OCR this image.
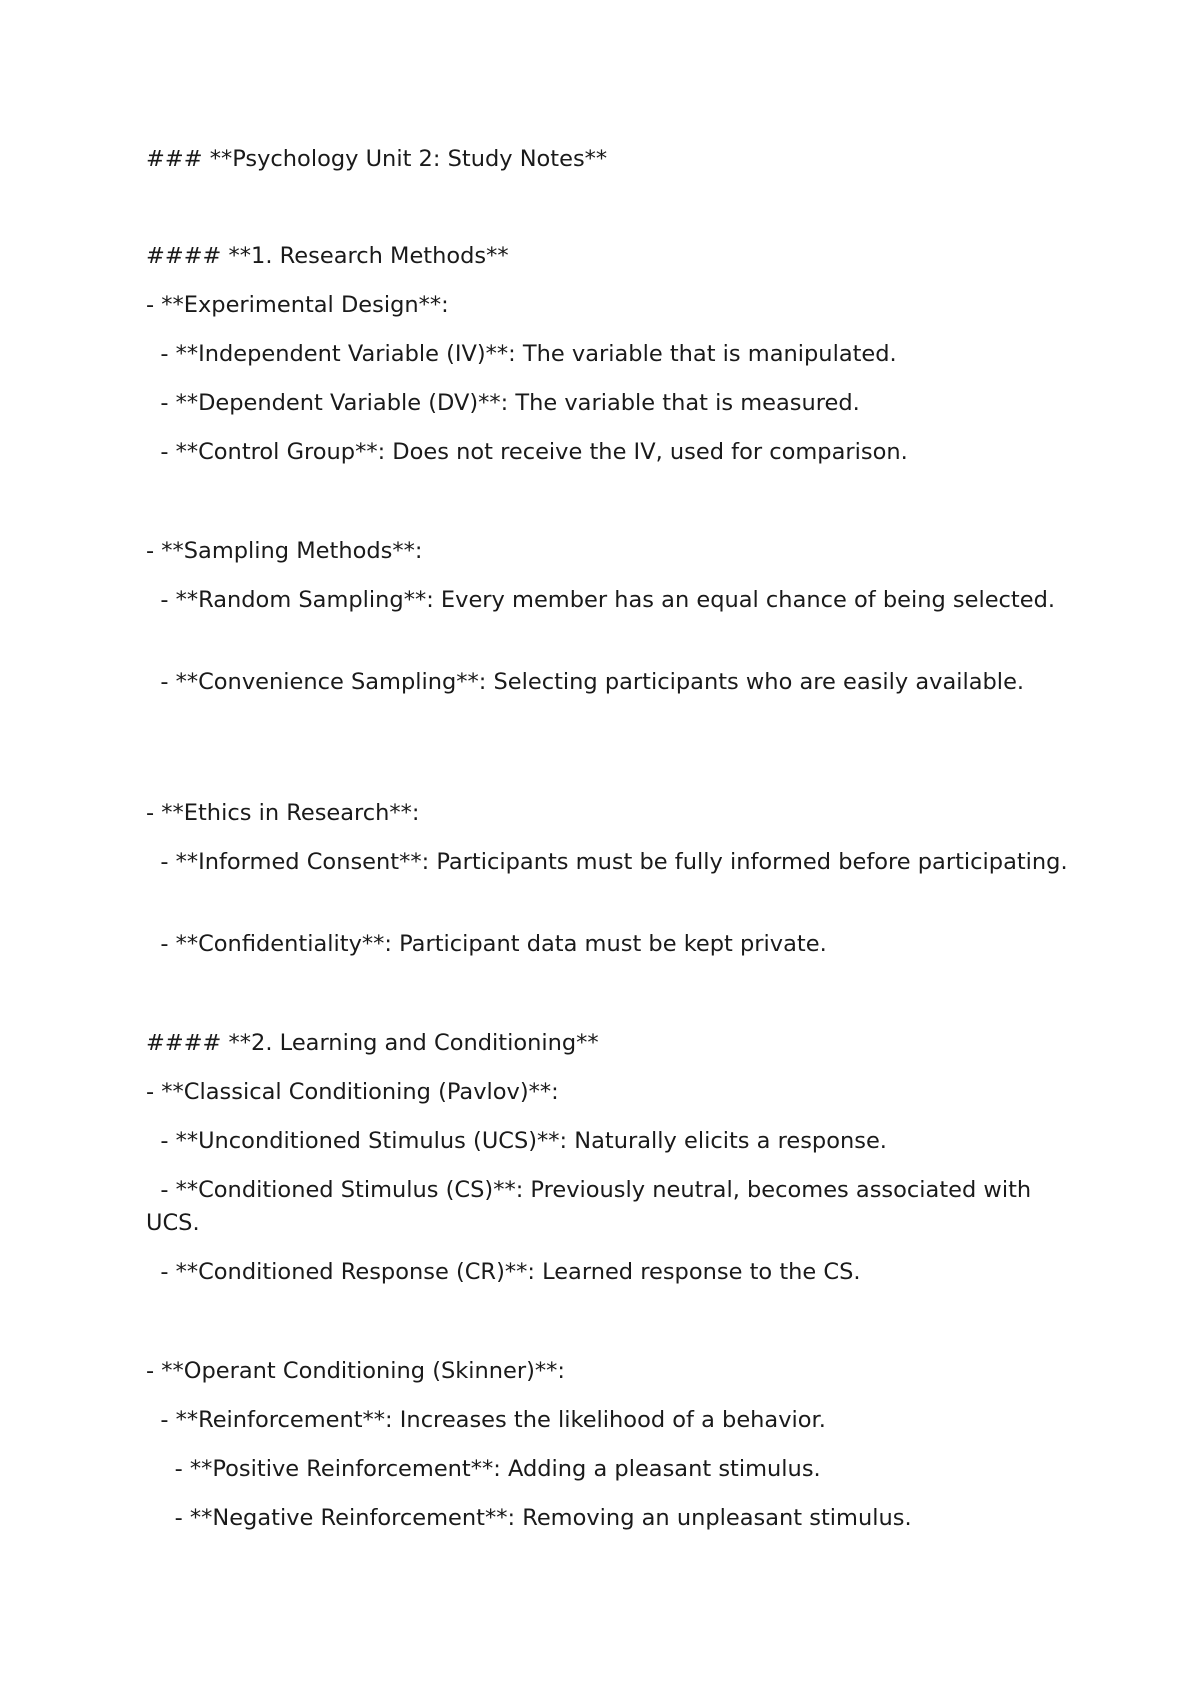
### **Psychology Unit 2: Study Notes**

#### **1. Research Methods**

- **Experimental Design**:

- **Independent Variable (IV)**: The variable that is manipulated.

- **Dependent Variable (DV)**: The variable that is measured.

- **Control Group**: Does not receive the IV, used for comparison.

- **Sampling Methods**:

- **Random Sampling**: Every member has an equal chance of being selected.

- **Convenience Sampling**: Selecting participants who are easily available.

- **Ethics in Research**:

- **Informed Consent**: Participants must be fully informed before participating.

- **Confidentiality**: Participant data must be kept private.

#### **2. Learning and Conditioning**

- **Classical Conditioning (Pavlov)**:

- **Unconditioned Stimulus (UCS)**: Naturally elicits a response.

- **Conditioned Stimulus (CS)**: Previously neutral, becomes associated with UCS.

- **Conditioned Response (CR)**: Learned response to the CS.

- **Operant Conditioning (Skinner)**:

- **Reinforcement**: Increases the likelihood of a behavior.

- **Positive Reinforcement**: Adding a pleasant stimulus.

- **Negative Reinforcement**: Removing an unpleasant stimulus.
